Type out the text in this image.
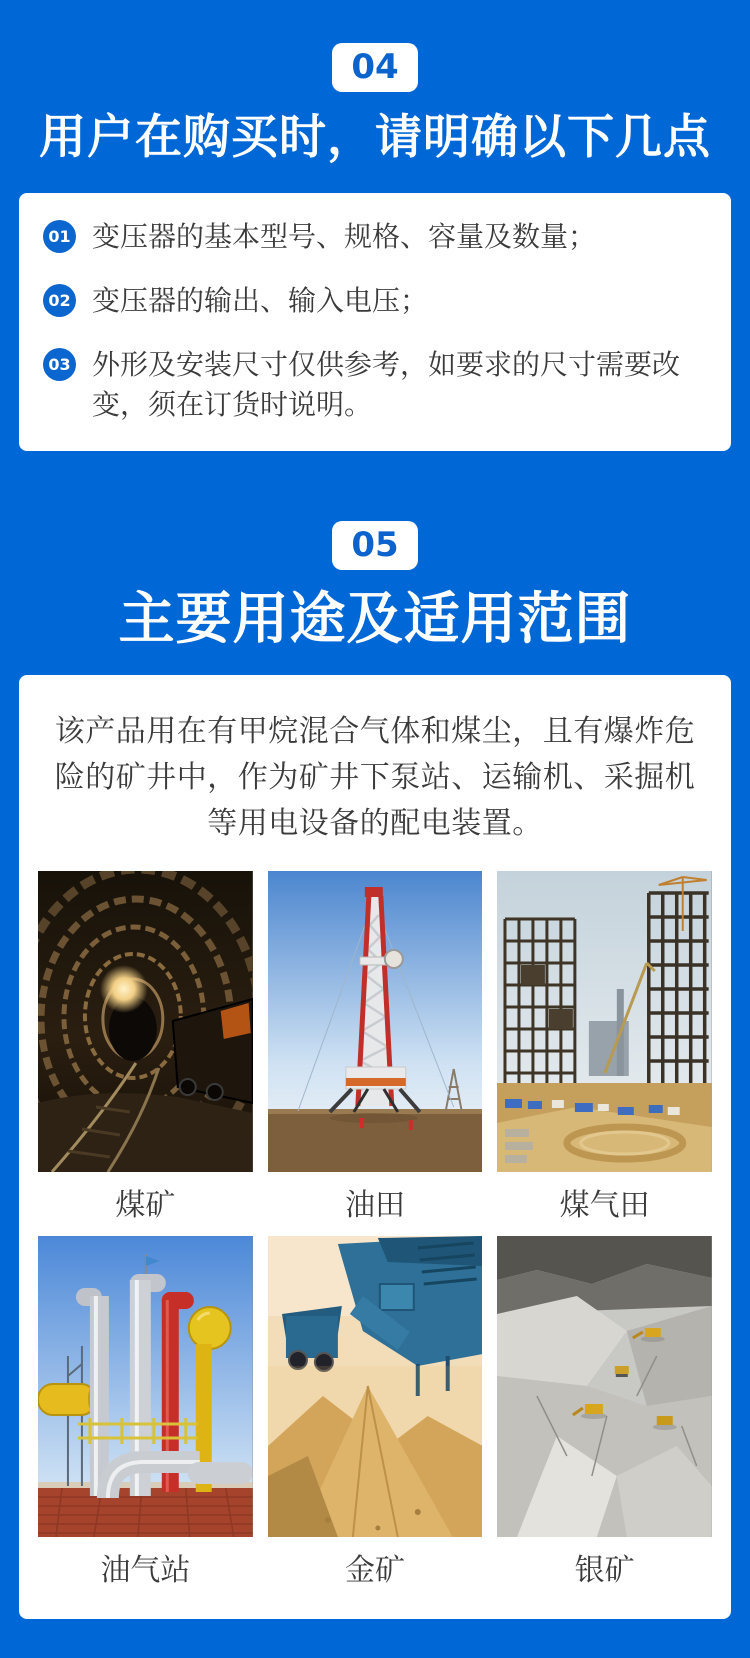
04
用户在购买时，请明确以下几点
01 变压器的基本型号、规格、容量及数量；

02 变压器的输出、输入电压；

03 外形及安装尺寸仅供参考，如要求的尺寸需要改变，须在订货时说明。

05
主要用途及适用范围

该产品用在有甲烷混合气体和煤尘，且有爆炸危险的矿井中，作为矿井下泵站、运输机、采掘机等用电设备的配电装置。

煤矿	油田	煤气田
油气站	金矿	银矿
